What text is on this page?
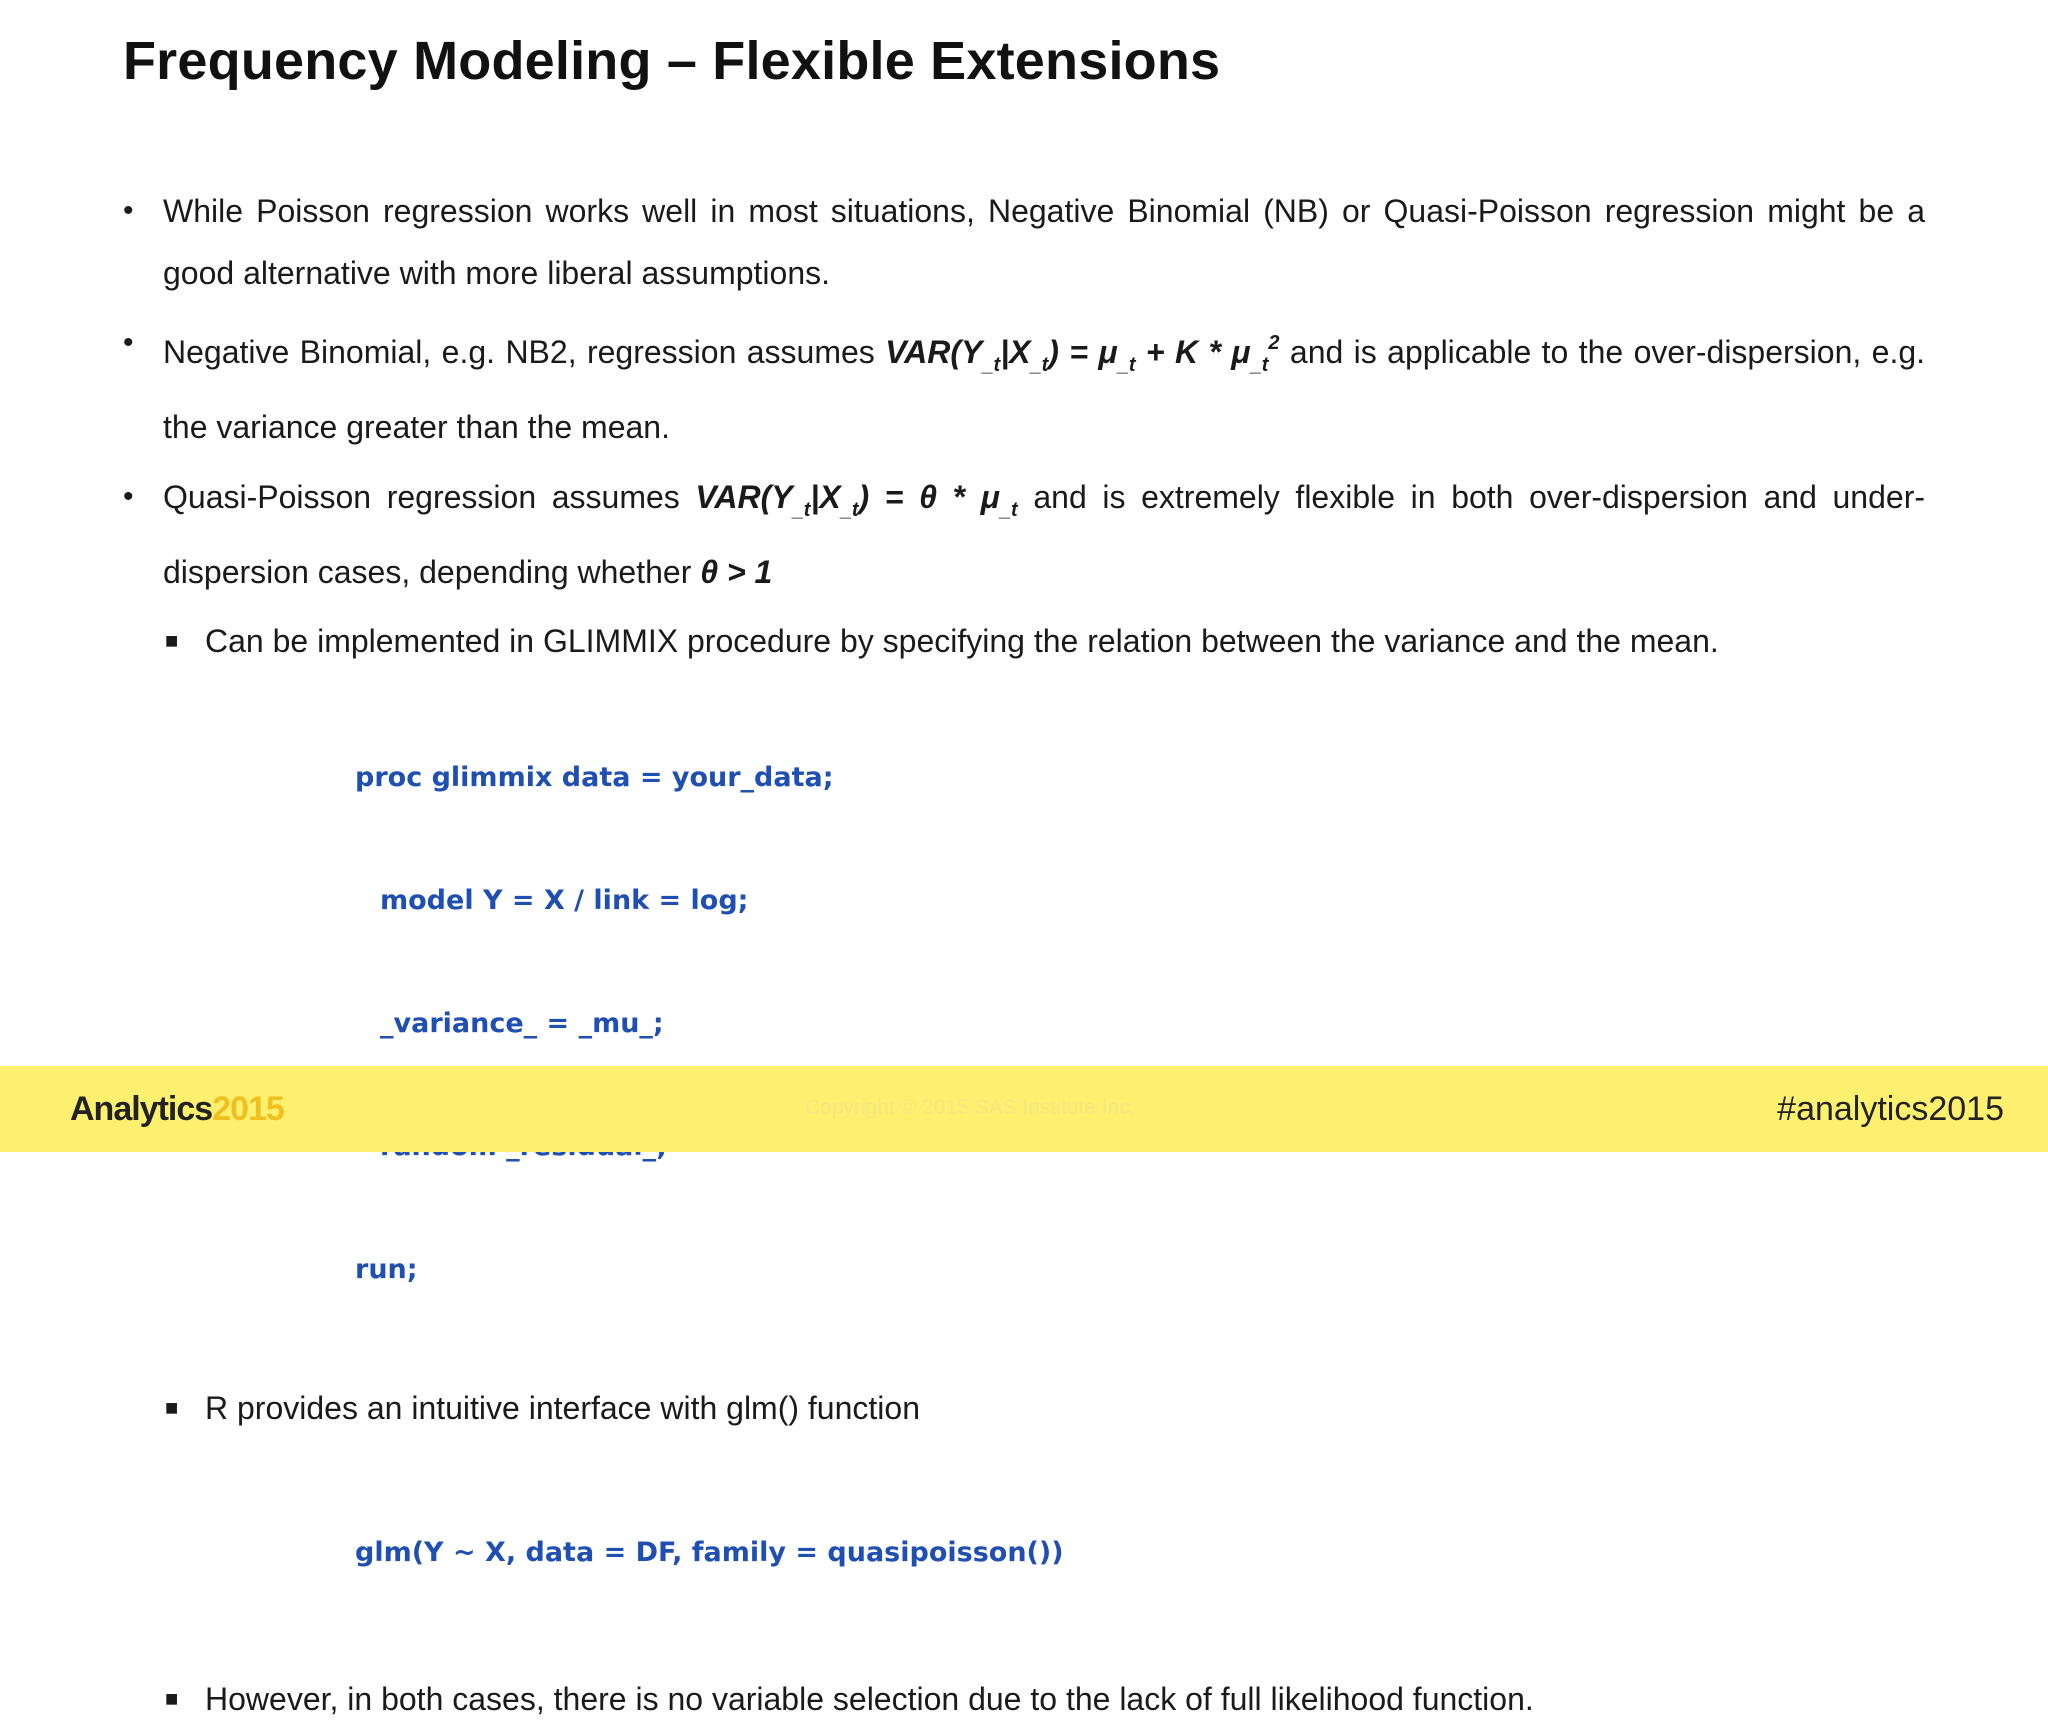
Frequency Modeling – Flexible Extensions
• While Poisson regression works well in most situations, Negative Binomial (NB) or Quasi-Poisson regression might be a good alternative with more liberal assumptions.
• Negative Binomial, e.g. NB2, regression assumes $VAR(Y_{\_t}|X_{\_t}) = \mu_{\_t} + K * \mu_{\_t}^2$ and is applicable to the over-dispersion, e.g. the variance greater than the mean.
• Quasi-Poisson regression assumes $VAR(Y_{\_t}|X_{\_t}) = \theta * \mu_{\_t}$ and is extremely flexible in both over-dispersion and under-dispersion cases, depending whether θ > 1
■ Can be implemented in GLIMMIX procedure by specifying the relation between the variance and the mean.

proc glimmix data = your_data;

model Y = X / link = log;

_variance_ = _mu_;

run;

■ R provides an intuitive interface with glm() function

glm(Y ~ X, data = DF, family = quasipoisson())

■ However, in both cases, there is no variable selection due to the lack of full likelihood function.
Analytics2015	Copyright © 2015 SAS Institute Inc.	#analytics2015
